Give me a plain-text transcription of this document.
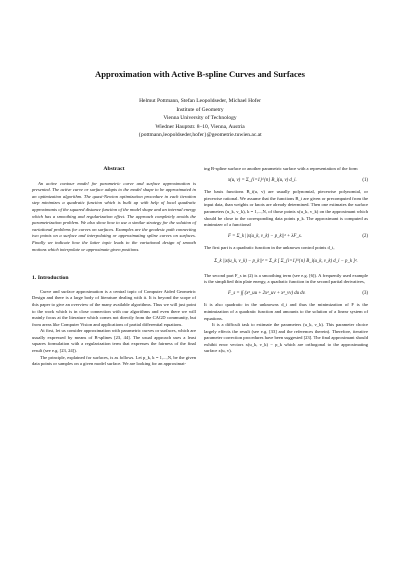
Approximation with Active B-spline Curves and Surfaces
Helmut Pottmann, Stefan Leopoldseder, Michael Hofer
Institute of Geometry
Vienna University of Technology
Wiedner Hauptstr. 8–10, Vienna, Austria
{pottmann,leopoldseder,hofer}@geometrie.tuwien.ac.at
Abstract

An active contour model for parametric curve and surface approximation is presented. The active curve or surface adapts to the model shape to be approximated in an optimization algorithm. The quasi-Newton optimization procedure in each iteration step minimizes a quadratic function which is built up with help of local quadratic approximants of the squared distance function of the model shape and an internal energy which has a smoothing and regularization effect. The approach completely avoids the parametrization problem. We also show how to use a similar strategy for the solution of variational problems for curves on surfaces. Examples are the geodesic path connecting two points on a surface and interpolating or approximating spline curves on surfaces. Finally we indicate how the latter topic leads to the variational design of smooth motions which interpolate or approximate given positions.

1. Introduction

Curve and surface approximation is a central topic of Computer Aided Geometric Design and there is a large body of literature dealing with it. It is beyond the scope of this paper to give an overview of the many available algorithms. Thus we will just point to the work which is in close connection with our algorithms and even there we will mainly focus at the literature which comes not directly from the CAGD community, but from areas like Computer Vision and applications of partial differential equations.

At first, let us consider approximation with parametric curves or surfaces, which are usually expressed by means of B-splines [23, 44]. The usual approach uses a least squares formulation with a regularization term that expresses the fairness of the final result (see e.g. [23, 24]).

The principle, explained for surfaces, is as follows. Let p_k, k = 1,...,N, be the given data points or samples on a given model surface. We are looking for an approximat-

ing B-spline surface or another parametric surface with a representation of the form

x(u, v) = Σ_{i=1}^{n} B_i(u, v) d_i.	(1)

The basis functions B_i(u, v) are usually polynomial, piecewise polynomial, or piecewise rational. We assume that the functions B_i are given or precomputed from the input data, than weights or knots are already determined. Then one estimates the surface parameters (u_k, v_k), k = 1,...,N, of those points x(u_k, v_k) on the approximant which should be close to the corresponding data points p_k. The approximant is computed as minimizer of a functional

F = Σ_k ||x(u_k, v_k) − p_k||² + λF_s.	(2)

The first part is a quadratic function in the unknown control points d_i,

Σ_k ||x(u_k, v_k) − p_k||² = Σ_k [ Σ_{i=1}^{n} B_i(u_k, v_k) d_i − p_k ]².

The second part F_s in (2) is a smoothing term (see e.g. [6]). A frequently used example is the simplified thin plate energy, a quadratic function in the second partial derivatives,

F_s = ∫∫ (x²_uu + 2x²_uv + x²_vv) du dv.	(3)

It is also quadratic in the unknowns d_i and thus the minimization of F is the minimization of a quadratic function and amounts to the solution of a linear system of equations.

It is a difficult task to estimate the parameters (u_k, v_k). This parameter choice largely effects the result (see e.g. [33] and the references therein). Therefore, iterative parameter correction procedures have been suggested [23]. The final approximant should exhibit error vectors x(u_k, v_k) − p_k which are orthogonal to the approximating surface x(u, v).
